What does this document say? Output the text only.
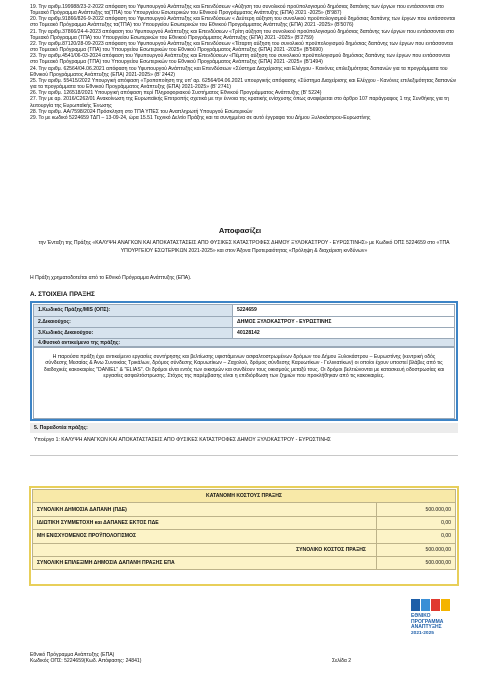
19. Την αριθμ.199988/23-2-2022 απόφαση του Υφυπουργού Ανάπτυξης και Επενδύσεων «Αύξηση του συνολικού προϋπολογισμού δημόσιας δαπάνης των έργων που εντάσσονται στο Τομεακό Πρόγραμμα Ανάπτυξης τα(ΤΠΑ) του Υπουργείου Εσωτερικών του Εθνικού Προγράμματος Ανάπτυξης (ΕΠΑ) 2021 -2025» (Β'987)

20. Την αριθμ.91866/826-9-2022 απόφαση του Υφυπουργού Ανάπτυξης και Επενδύσεων « Δεύτερη αύξηση του συνολικού προϋπολογισμού δημόσιας δαπάνης των έργων που εντάσσονται στο Τομεακό Πρόγραμμα Ανάπτυξης τα(ΤΠΑ) του Υπουργείου Εσωτερικών του Εθνικού Προγράμματος Ανάπτυξης (ΕΠΑ) 2021 -2025» (Β'5076)

21. Την αριθμ.37866/24-4-2023 απόφαση του Υφυπουργού Ανάπτυξης και Επενδύσεων «Τρίτη αύξηση του συνολικού προϋπολογισμού δημόσιας δαπάνης των έργων που εντάσσονται στο Τομεακό Πρόγραμμα (ΤΠΑ) του Υπουργείου Εσωτερικών του Εθνικού Προγράμματος Ανάπτυξης (ΕΠΑ) 2021 -2025» (Β'2759)

22. Την αριθμ.87120/28-09-2023 απόφαση του Υφυπουργού Ανάπτυξης και Επενδύσεων «Τέταρτη αύξηση του συνολικού προϋπολογισμού δημόσιας δαπάνης των έργων που εντάσσονται στο Τομεακό Πρόγραμμα (ΤΠΑ) του Υπουργείου Εσωτερικών του Εθνικού Προγράμματος Ανάπτυξης (ΕΠΑ) 2021 -2025» (Β'5690)

23. Την αριθμ.4541/06-03-2024 απόφαση του Υφυπουργού Ανάπτυξης και Επενδύσεων «Πέμπτη αύξηση του συνολικού προϋπολογισμού δημόσιας δαπάνης των έργων που εντάσσονται στο Τομεακό Πρόγραμμα (ΤΠΑ) του Υπουργείου Εσωτερικών του Εθνικού Προγράμματος Ανάπτυξης (ΕΠΑ) 2021 -2025» (Β'1494)

24. Την αριθμ. 62564/04.06.2021 απόφαση του Υφυπουργού Ανάπτυξης και Επενδύσεων «Σύστημα Διαχείρισης και Ελέγχου - Κανόνες επιλεξιμότητας δαπανών για τα προγράμματα του Εθνικού Προγράμματος Ανάπτυξης (ΕΠΑ) 2021-2025» (Β' 2442)

25. Την αριθμ. 55415/2022 Υπουργική απόφαση «Τροποποίηση της υπ' αρ. 62564/04.06.2021 υπουργικής απόφασης «Σύστημα Διαχείρισης και Ελέγχου - Κανόνες επιλεξιμότητας δαπανών για τα προγράμματα του Εθνικού Προγράμματος Ανάπτυξης (ΕΠΑ) 2021-2025» (Β' 2741)

26. Την αριθμ. 126518/2021 Υπουργική απόφαση περί Πληροφοριακού Συστήματος Εθνικού Προγράμματος Ανάπτυξης (Β' 5224)

27. Την με αρ. 2016/C262/01 Ανακοίνωση της Ευρωπαϊκής Επιτροπής σχετικά με την έννοια της κρατικής ενίσχυσης όπως αναφέρεται στο άρθρο 107 παράγραφος 1 της Συνθήκης για τη λειτουργία της Ευρωπαϊκής Ένωσης

28. Την αριθμ. ΑΑ/7598/2024 Πρόσκληση στο ΤΠΑ ΥΠΕΣ του Αναπληρωτή Υπουργού Εσωτερικών

29. Το με κωδικό 5224659 ΤΔΠ – 13-09-24, ώρα 15.51 Τεχνικό Δελτίο Πράξης και τα συνημμένα σε αυτό έγγραφα του Δήμου Ξυλοκάστρου-Ευρωστίνης

Αποφασίζει
την Ένταξη της Πράξης «ΚΑΛΥΨΗ ΑΝΑΓΚΩΝ ΚΑΙ ΑΠΟΚΑΤΑΣΤΑΣΕΙΣ ΑΠΟ ΦΥΣΙΚΕΣ ΚΑΤΑΣΤΡΟΦΕΣ ΔΗΜΟΥ ΞΥΛΟΚΑΣΤΡΟΥ - ΕΥΡΩΣΤΙΝΗΣ» με Κωδικό ΟΠΣ 5224659 στο «ΤΠΑ ΥΠΟΥΡΓΕΙΟΥ ΕΣΩΤΕΡΙΚΩΝ 2021-2025» και στον Άξονα Προτεραιότητας «Πρόληψη & διαχείριση κινδύνων»
Η Πράξη χρηματοδοτείται από το Εθνικό Πρόγραμμα Ανάπτυξης (ΕΠΑ).
Α. ΣΤΟΙΧΕΙΑ ΠΡΑΞΗΣ
1.Κωδικός Πράξης/MIS (ΟΠΣ):	5224659
2.Δικαιούχος:	ΔΗΜΟΣ ΞΥΛΟΚΑΣΤΡΟΥ - ΕΥΡΩΣΤΙΝΗΣ
3.Κωδικός Δικαιούχου:	40128142
4.Φυσικό αντικείμενο της πράξης:
Η παρούσα πράξη έχει αντικείμενο εργασίες συντήρησης και βελτίωσης υφιστάμενων ασφαλτοστρωμένων δρόμων του Δήμου Ξυλοκάστρου – Ευρωστίνης (κεντρική οδός σύνδεσης Μεσαίας & Άνω Συνοικίας Τρικάλων, δρόμος σύνδεσης Καρυωτίκων – Ζαχολού, δρόμος σύνδεσης Καρυωτίκων - Γελινιατίκων) οι οποίοι έχουν υποστεί βλάβες από τις διαδοχικές κακοκαιρίες "DANIEL" & "ELIAS". Οι δρόμοι είναι εντός των οικισμών και συνδέουν τους οικισμούς μεταξύ τους. Οι δρόμοι βελτιώνονται με κατασκευή οδοστρωσίας και εργασίες ασφαλτόστρωσης. Στόχος της παρέμβασης είναι η επιδιόρθωση των ζημιών που προκλήθηκαν από τις κακοκαιρίες.
5. Παραδοτέα πράξης:
Υποέργο 1: ΚΑΛΥΨΗ ΑΝΑΓΚΩΝ ΚΑΙ ΑΠΟΚΑΤΑΣΤΑΣΕΙΣ ΑΠΟ ΦΥΣΙΚΕΣ ΚΑΤΑΣΤΡΟΦΕΣ ΔΗΜΟΥ ΞΥΛΟΚΑΣΤΡΟΥ - ΕΥΡΩΣΤΙΝΗΣ
ΚΑΤΑΝΟΜΗ ΚΟΣΤΟΥΣ ΠΡΑΞΗΣ	
ΣΥΝΟΛΙΚΗ ΔΗΜΟΣΙΑ ΔΑΠΑΝΗ (ΠΔΕ)	500.000,00
ΙΔΙΩΤΙΚΗ ΣΥΜΜΕΤΟΧΗ και ΔΑΠΑΝΕΣ ΕΚΤΟΣ ΠΔΕ	0,00
ΜΗ ΕΝΙΣΧΥΟΜΕΝΟΣ ΠΡΟΫΠΟΛΟΓΙΣΜΟΣ	0,00
ΣΥΝΟΛΙΚΟ ΚΟΣΤΟΣ ΠΡΑΞΗΣ	500.000,00
ΣΥΝΟΛΙΚΗ ΕΠΙΛΕΞΙΜΗ ΔΗΜΟΣΙΑ ΔΑΠΑΝΗ ΠΡΑΞΗΣ ΕΠΑ	500.000,00
ΕΘΝΙΚΟ
ΠΡΟΓΡΑΜΜΑ
ΑΝΑΠΤΥΞΗΣ
2021-2025
Εθνικό Πρόγραμμα Ανάπτυξης (ΕΠΑ)
Κωδικός ΟΠΣ: 5224659(Κωδ. Απόφασης: 24841)	Σελίδα 2
